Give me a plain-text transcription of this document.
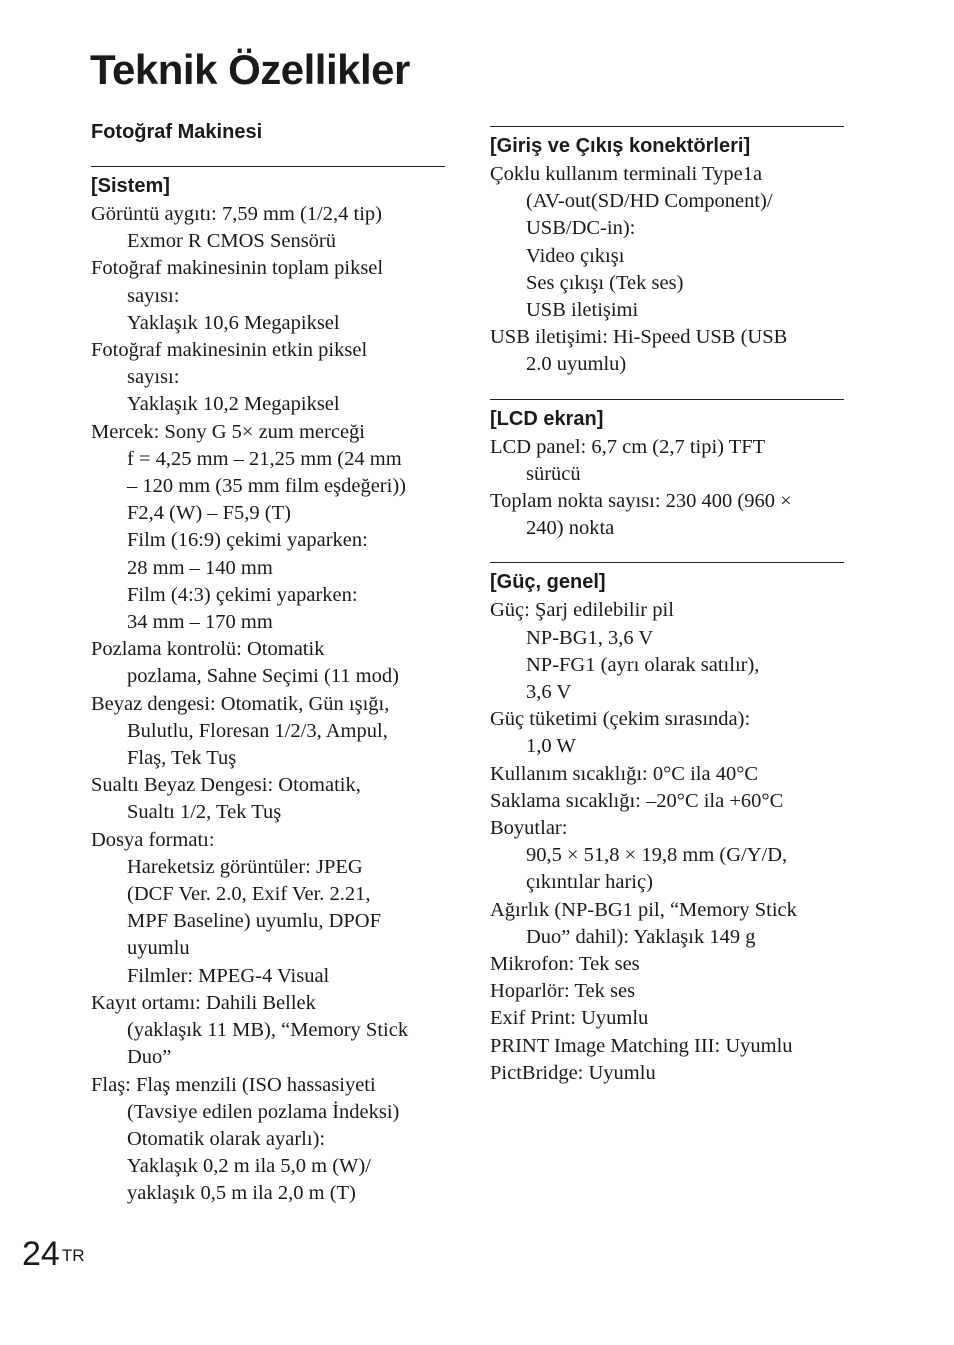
Teknik Özellikler
Fotoğraf Makinesi
[Sistem]
Görüntü aygıtı: 7,59 mm (1/2,4 tip)
Exmor R CMOS Sensörü
Fotoğraf makinesinin toplam piksel
sayısı:
Yaklaşık 10,6 Megapiksel
Fotoğraf makinesinin etkin piksel
sayısı:
Yaklaşık 10,2 Megapiksel
Mercek: Sony G 5× zum merceği
f = 4,25 mm – 21,25 mm (24 mm
– 120 mm (35 mm film eşdeğeri))
F2,4 (W) – F5,9 (T)
Film (16:9) çekimi yaparken:
28 mm – 140 mm
Film (4:3) çekimi yaparken:
34 mm – 170 mm
Pozlama kontrolü: Otomatik
pozlama, Sahne Seçimi (11 mod)
Beyaz dengesi: Otomatik, Gün ışığı,
Bulutlu, Floresan 1/2/3, Ampul,
Flaş, Tek Tuş
Sualtı Beyaz Dengesi: Otomatik,
Sualtı 1/2, Tek Tuş
Dosya formatı:
Hareketsiz görüntüler: JPEG
(DCF Ver. 2.0, Exif Ver. 2.21,
MPF Baseline) uyumlu, DPOF
uyumlu
Filmler: MPEG-4 Visual
Kayıt ortamı: Dahili Bellek
(yaklaşık 11 MB), “Memory Stick
Duo”
Flaş: Flaş menzili (ISO hassasiyeti
(Tavsiye edilen pozlama İndeksi)
Otomatik olarak ayarlı):
Yaklaşık 0,2 m ila 5,0 m (W)/
yaklaşık 0,5 m ila 2,0 m (T)
[Giriş ve Çıkış konektörleri]
Çoklu kullanım terminali Type1a
(AV-out(SD/HD Component)/
USB/DC-in):
Video çıkışı
Ses çıkışı (Tek ses)
USB iletişimi
USB iletişimi: Hi-Speed USB (USB
2.0 uyumlu)
[LCD ekran]
LCD panel: 6,7 cm (2,7 tipi) TFT
sürücü
Toplam nokta sayısı: 230 400 (960 ×
240) nokta
[Güç, genel]
Güç: Şarj edilebilir pil
NP-BG1, 3,6 V
NP-FG1 (ayrı olarak satılır),
3,6 V
Güç tüketimi (çekim sırasında):
1,0 W
Kullanım sıcaklığı: 0°C ila 40°C
Saklama sıcaklığı: –20°C ila +60°C
Boyutlar:
90,5 × 51,8 × 19,8 mm (G/Y/D,
çıkıntılar hariç)
Ağırlık (NP-BG1 pil, “Memory Stick
Duo” dahil): Yaklaşık 149 g
Mikrofon: Tek ses
Hoparlör: Tek ses
Exif Print: Uyumlu
PRINT Image Matching III: Uyumlu
PictBridge: Uyumlu
24 $^{TR}$
